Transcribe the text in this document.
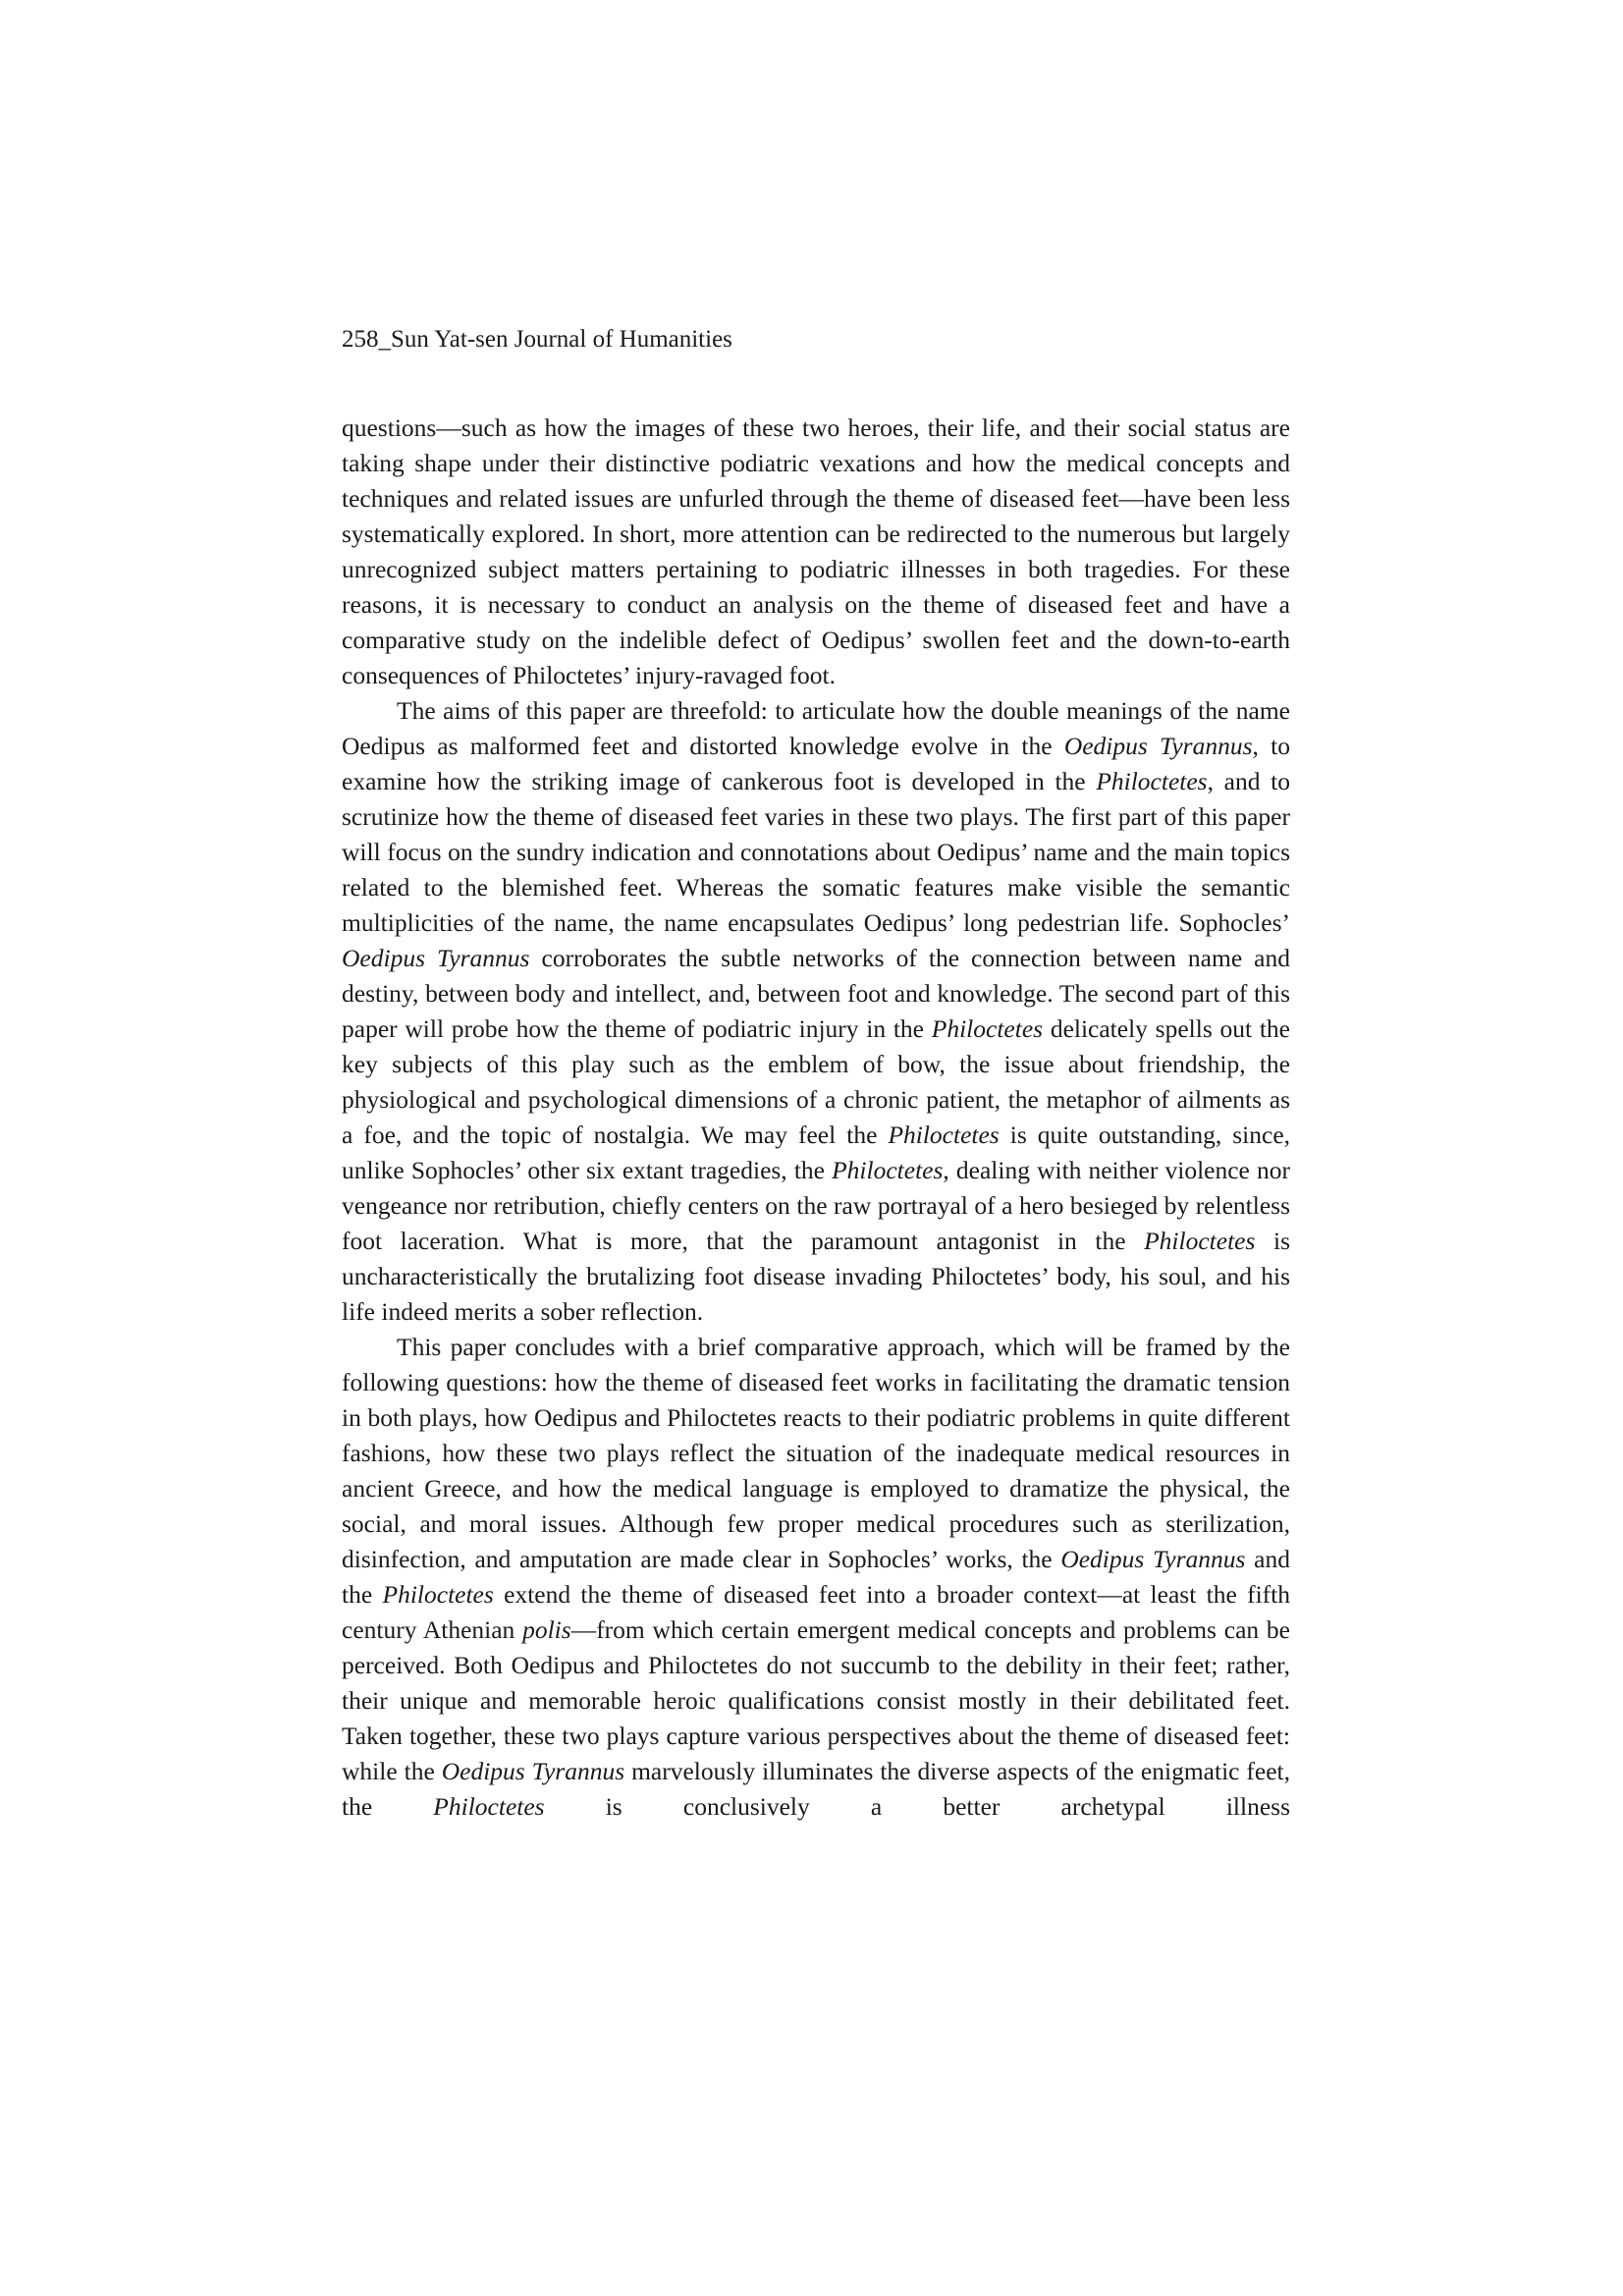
258_Sun Yat-sen Journal of Humanities

questions—such as how the images of these two heroes, their life, and their social status are taking shape under their distinctive podiatric vexations and how the medical concepts and techniques and related issues are unfurled through the theme of diseased feet—have been less systematically explored. In short, more attention can be redirected to the numerous but largely unrecognized subject matters pertaining to podiatric illnesses in both tragedies. For these reasons, it is necessary to conduct an analysis on the theme of diseased feet and have a comparative study on the indelible defect of Oedipus’ swollen feet and the down-to-earth consequences of Philoctetes’ injury-ravaged foot.

The aims of this paper are threefold: to articulate how the double meanings of the name Oedipus as malformed feet and distorted knowledge evolve in the Oedipus Tyrannus, to examine how the striking image of cankerous foot is developed in the Philoctetes, and to scrutinize how the theme of diseased feet varies in these two plays. The first part of this paper will focus on the sundry indication and connotations about Oedipus’ name and the main topics related to the blemished feet. Whereas the somatic features make visible the semantic multiplicities of the name, the name encapsulates Oedipus’ long pedestrian life. Sophocles’ Oedipus Tyrannus corroborates the subtle networks of the connection between name and destiny, between body and intellect, and, between foot and knowledge. The second part of this paper will probe how the theme of podiatric injury in the Philoctetes delicately spells out the key subjects of this play such as the emblem of bow, the issue about friendship, the physiological and psychological dimensions of a chronic patient, the metaphor of ailments as a foe, and the topic of nostalgia. We may feel the Philoctetes is quite outstanding, since, unlike Sophocles’ other six extant tragedies, the Philoctetes, dealing with neither violence nor vengeance nor retribution, chiefly centers on the raw portrayal of a hero besieged by relentless foot laceration. What is more, that the paramount antagonist in the Philoctetes is uncharacteristically the brutalizing foot disease invading Philoctetes’ body, his soul, and his life indeed merits a sober reflection.

This paper concludes with a brief comparative approach, which will be framed by the following questions: how the theme of diseased feet works in facilitating the dramatic tension in both plays, how Oedipus and Philoctetes reacts to their podiatric problems in quite different fashions, how these two plays reflect the situation of the inadequate medical resources in ancient Greece, and how the medical language is employed to dramatize the physical, the social, and moral issues. Although few proper medical procedures such as sterilization, disinfection, and amputation are made clear in Sophocles’ works, the Oedipus Tyrannus and the Philoctetes extend the theme of diseased feet into a broader context—at least the fifth century Athenian polis—from which certain emergent medical concepts and problems can be perceived. Both Oedipus and Philoctetes do not succumb to the debility in their feet; rather, their unique and memorable heroic qualifications consist mostly in their debilitated feet. Taken together, these two plays capture various perspectives about the theme of diseased feet: while the Oedipus Tyrannus marvelously illuminates the diverse aspects of the enigmatic feet, the Philoctetes is conclusively a better archetypal illness
